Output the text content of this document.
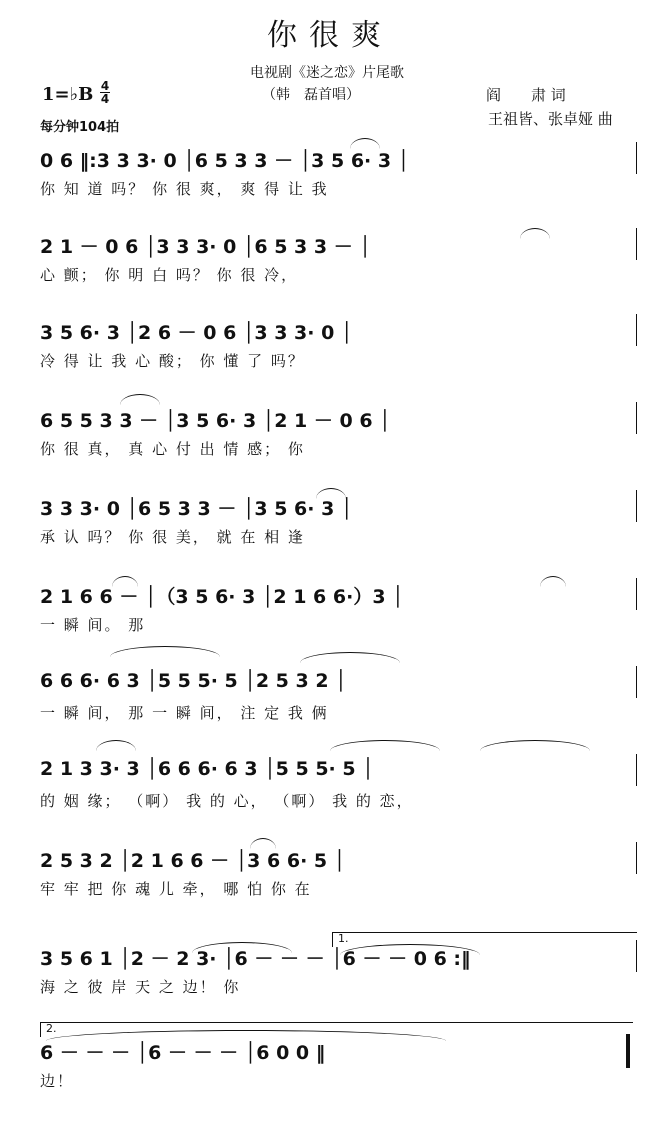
你很爽
电视剧《迷之恋》片尾歌
（韩　磊首唱）
1=♭B 4
4
每分钟104拍
阎　　肃 词
王祖皆、张卓娅 曲
0 6 ‖:3 3 3· 0 │6 5 3 3 － │3 5 6· 3 │
你 知 道 吗？ 你 很 爽， 爽 得 让 我
2 1 － 0 6 │3 3 3· 0 │6 5 3 3 － │
心 颤； 你 明 白 吗？ 你 很 冷，
3 5 6· 3 │2 6 － 0 6 │3 3 3· 0 │
冷 得 让 我 心 酸； 你 懂 了 吗？
6 5 5 3 3 － │3 5 6· 3 │2 1 － 0 6 │
你 很 真， 真 心 付 出 情 感； 你
3 3 3· 0 │6 5 3 3 － │3 5 6· 3 │
承 认 吗？ 你 很 美， 就 在 相 逢
2 1 6 6 － │（3 5 6· 3 │2 1 6 6·）3 │
一 瞬 间。 那
6 6 6· 6 3 │5 5 5· 5 │2 5 3 2 │
一 瞬 间， 那 一 瞬 间， 注 定 我 俩
2 1 3 3· 3 │6 6 6· 6 3 │5 5 5· 5 │
的 姻 缘； （啊） 我 的 心， （啊） 我 的 恋，
2 5 3 2 │2 1 6 6 － │3 6 6· 5 │
牢 牢 把 你 魂 儿 牵， 哪 怕 你 在
3 5 6 1 │2 － 2 3· │6 － － － │6 － － 0 6 :‖
海 之 彼 岸 天 之 边！ 你
6 － － － │6 － － － │6 0 0 ‖
边！
1.
2.
